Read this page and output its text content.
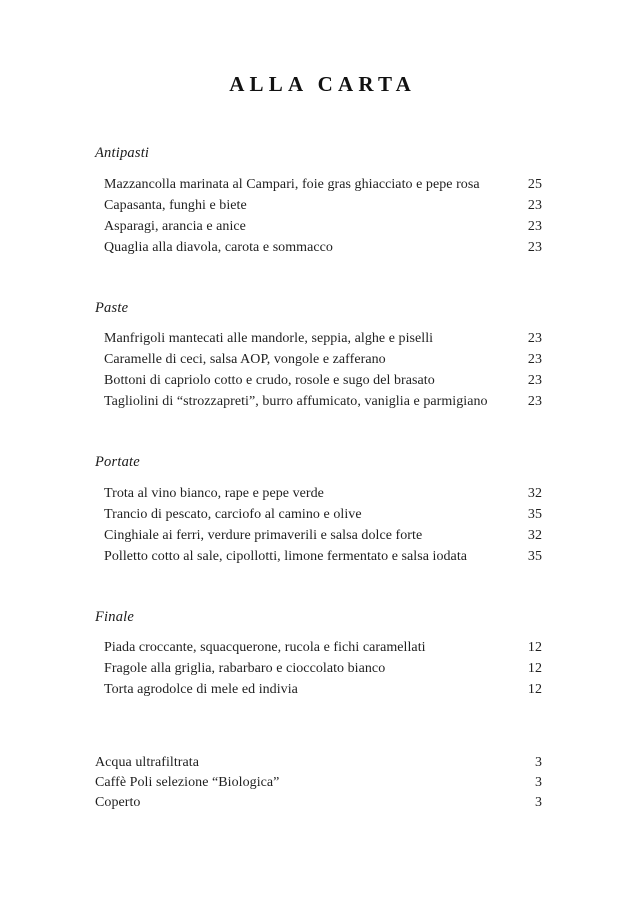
ALLA CARTA
Antipasti
Mazzancolla marinata al Campari, foie gras ghiacciato e pepe rosa	25
Capasanta, funghi e biete	23
Asparagi, arancia e anice	23
Quaglia alla diavola, carota e sommacco	23
Paste
Manfrigoli mantecati alle mandorle, seppia, alghe e piselli	23
Caramelle di ceci, salsa AOP, vongole e zafferano	23
Bottoni di capriolo cotto e crudo, rosole e sugo del brasato	23
Tagliolini di “strozzapreti”, burro affumicato, vaniglia e parmigiano	23
Portate
Trota al vino bianco, rape e pepe verde	32
Trancio di pescato, carciofo al camino e olive	35
Cinghiale ai ferri, verdure primaverili e salsa dolce forte	32
Polletto cotto al sale, cipollotti, limone fermentato e salsa iodata	35
Finale
Piada croccante, squacquerone, rucola e fichi caramellati	12
Fragole alla griglia, rabarbaro e cioccolato bianco	12
Torta agrodolce di mele ed indivia	12
Acqua ultrafiltrata	3
Caffè Poli selezione “Biologica”	3
Coperto	3
